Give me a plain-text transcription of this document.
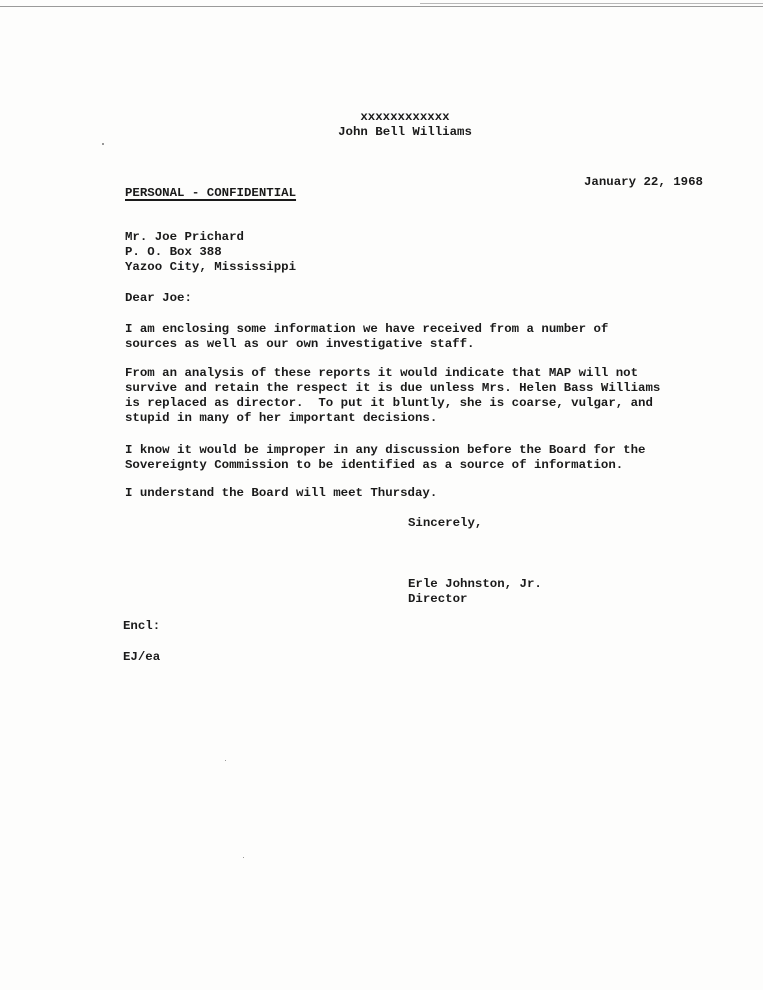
xxxxxxxxxxxx
John Bell Williams
PERSONAL - CONFIDENTIAL
January 22, 1968
Mr. Joe Prichard
P. O. Box 388
Yazoo City, Mississippi
Dear Joe:
I am enclosing some information we have received from a number of
sources as well as our own investigative staff.
From an analysis of these reports it would indicate that MAP will not
survive and retain the respect it is due unless Mrs. Helen Bass Williams
is replaced as director.  To put it bluntly, she is coarse, vulgar, and
stupid in many of her important decisions.
I know it would be improper in any discussion before the Board for the
Sovereignty Commission to be identified as a source of information.
I understand the Board will meet Thursday.
Sincerely,
Erle Johnston, Jr.
Director
Encl:
EJ/ea
